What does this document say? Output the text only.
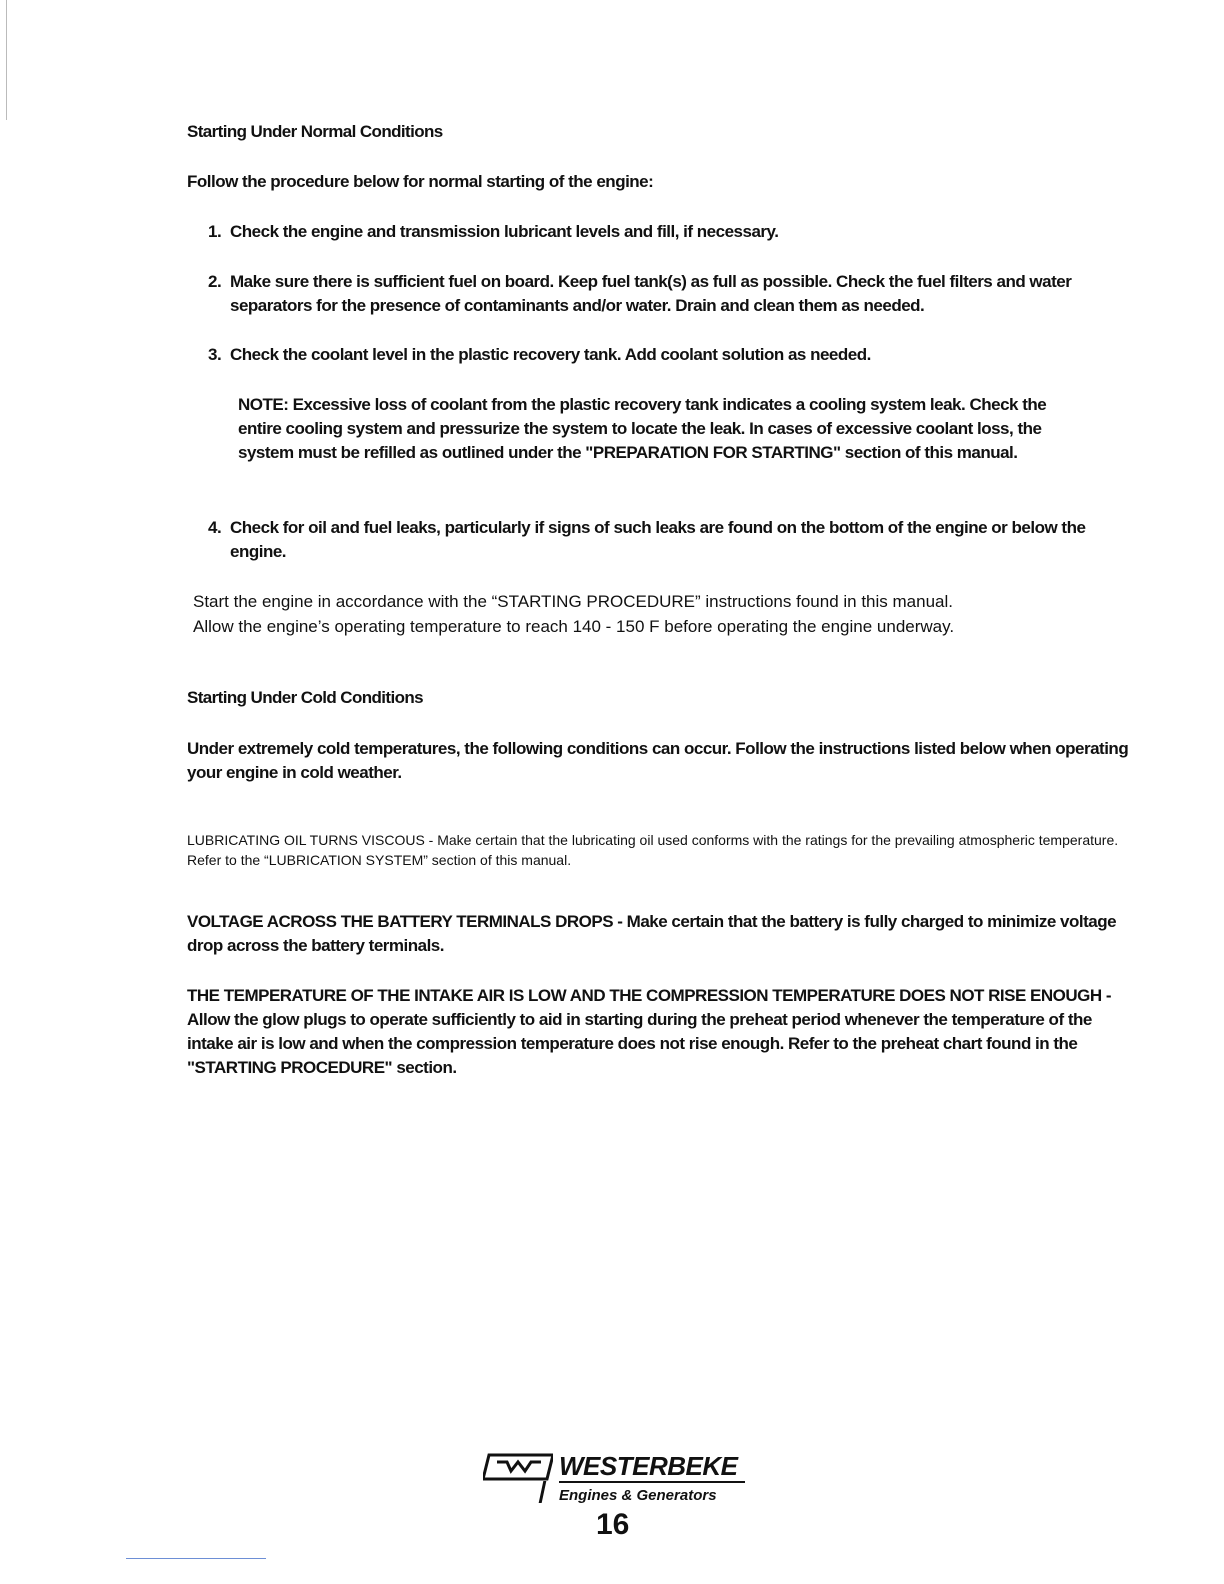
Starting Under Normal Conditions
Follow the procedure below for normal starting of the engine:
1. Check the engine and transmission lubricant levels and fill, if necessary.
2. Make sure there is sufficient fuel on board. Keep fuel tank(s) as full as possible. Check the fuel filters and water separators for the presence of contaminants and/or water. Drain and clean them as needed.
3. Check the coolant level in the plastic recovery tank. Add coolant solution as needed.
NOTE: Excessive loss of coolant from the plastic recovery tank indicates a cooling system leak. Check the entire cooling system and pressurize the system to locate the leak. In cases of excessive coolant loss, the system must be refilled as outlined under the "PREPARATION FOR STARTING" section of this manual.
4. Check for oil and fuel leaks, particularly if signs of such leaks are found on the bottom of the engine or below the engine.
Start the engine in accordance with the “STARTING PROCEDURE” instructions found in this manual.
Allow the engine’s operating temperature to reach 140 - 150 F before operating the engine underway.
Starting Under Cold Conditions
Under extremely cold temperatures, the following conditions can occur. Follow the instructions listed below when operating your engine in cold weather.
LUBRICATING OIL TURNS VISCOUS - Make certain that the lubricating oil used conforms with the ratings for the prevailing atmospheric temperature. Refer to the “LUBRICATION SYSTEM” section of this manual.
VOLTAGE ACROSS THE BATTERY TERMINALS DROPS - Make certain that the battery is fully charged to minimize voltage drop across the battery terminals.
THE TEMPERATURE OF THE INTAKE AIR IS LOW AND THE COMPRESSION TEMPERATURE DOES NOT RISE ENOUGH - Allow the glow plugs to operate sufficiently to aid in starting during the preheat period whenever the temperature of the intake air is low and when the compression temperature does not rise enough. Refer to the preheat chart found in the "STARTING PROCEDURE" section.
WESTERBEKE
Engines & Generators
16
